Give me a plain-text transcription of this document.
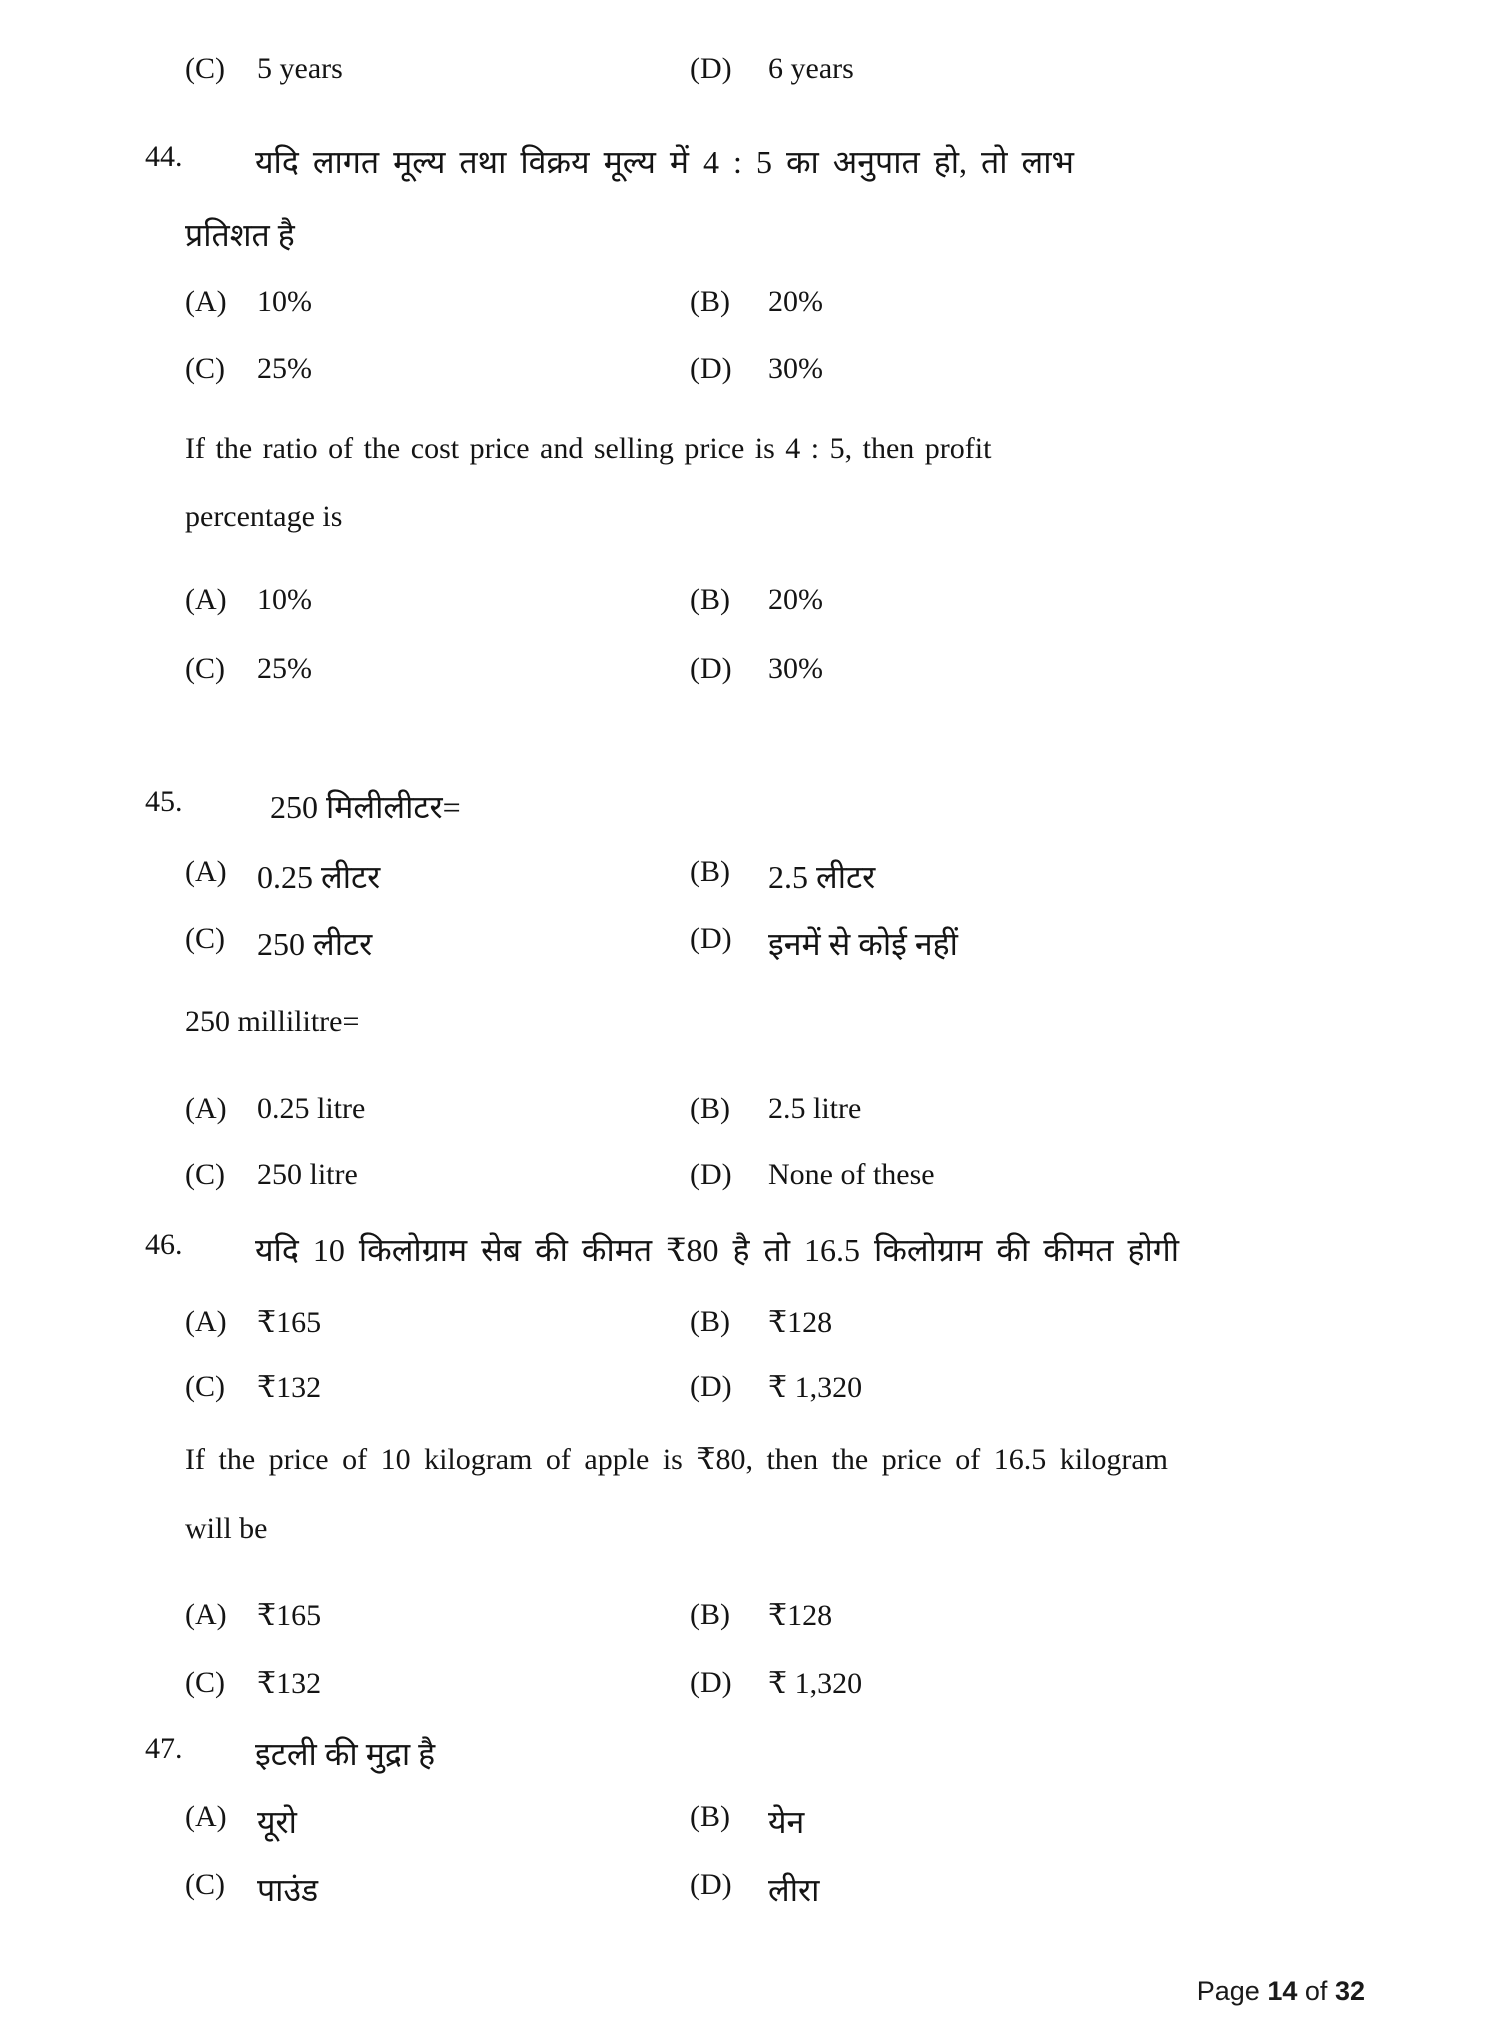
(C) 5 years	(D) 6 years
44. यदि लागत मूल्य तथा विक्रय मूल्य में 4 : 5 का अनुपात हो, तो लाभ
प्रतिशत है
(A) 10%	(B) 20%
(C) 25%	(D) 30%
If the ratio of the cost price and selling price is 4 : 5, then profit
percentage is
(A) 10%	(B) 20%
(C) 25%	(D) 30%
45.	250 मिलीलीटर=
(A) 0.25 लीटर	(B) 2.5 लीटर
(C) 250 लीटर	(D) इनमें से कोई नहीं
250 millilitre=
(A) 0.25 litre	(B) 2.5 litre
(C) 250 litre	(D) None of these
46. यदि 10 किलोग्राम सेब की कीमत ₹80 है तो 16.5 किलोग्राम की कीमत होगी
(A) ₹165	(B) ₹128
(C) ₹132	(D) ₹ 1,320
If the price of 10 kilogram of apple is ₹80, then the price of 16.5 kilogram
will be
(A) ₹165	(B) ₹128
(C) ₹132	(D) ₹ 1,320
47. इटली की मुद्रा है
(A) यूरो	(B) येन
(C) पाउंड	(D) लीरा
Page 14 of 32
